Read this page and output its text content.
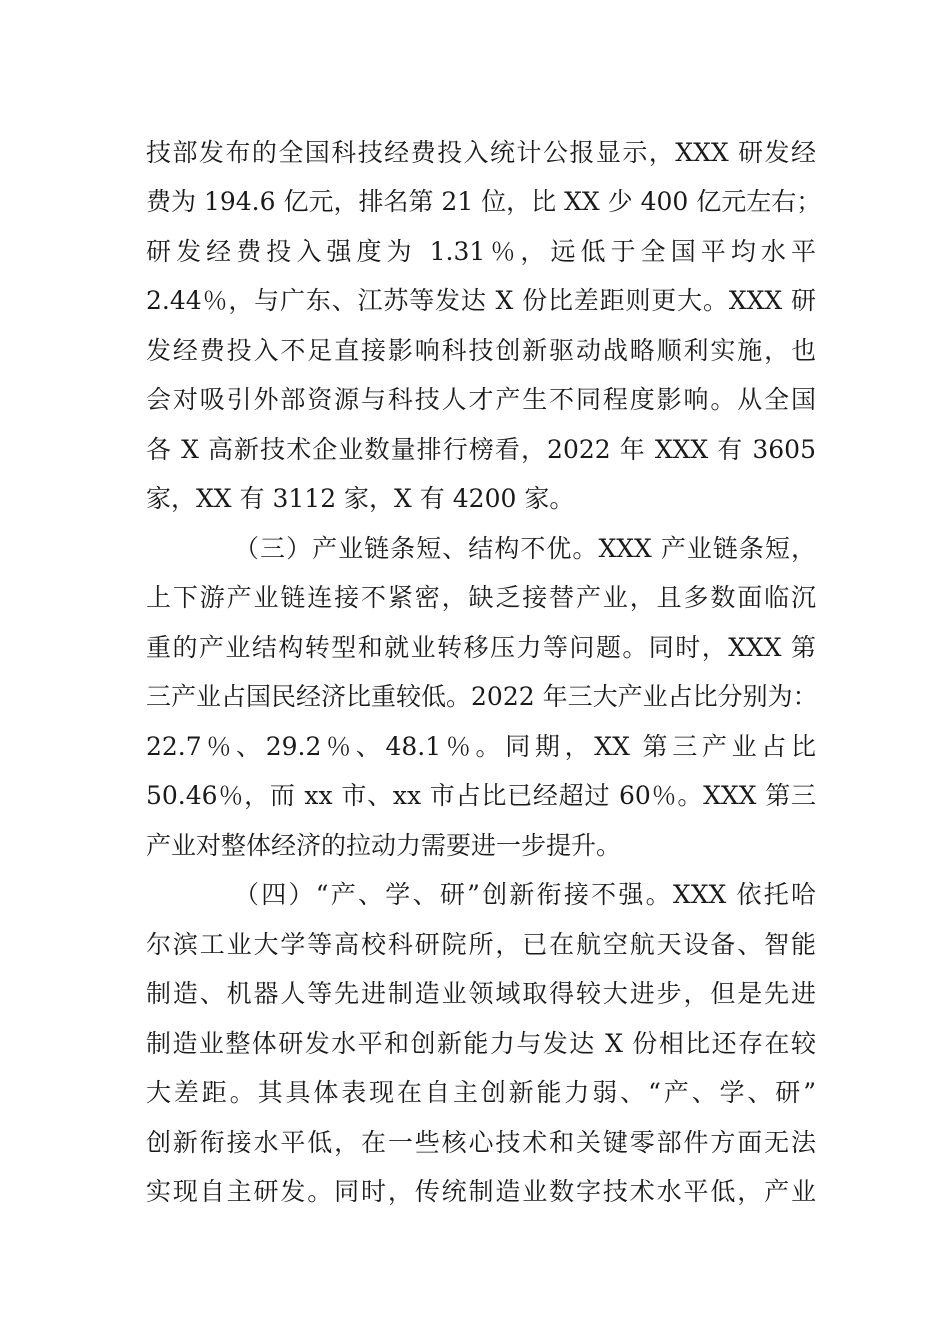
技部发布的全国科技经费投入统计公报显示，XXX 研发经
费为 194.6 亿元，排名第 21 位，比 XX 少 400 亿元左右；
研发经费投入强度为 1.31％，远低于全国平均水平
2.44％，与广东、江苏等发达 X 份比差距则更大。XXX 研
发经费投入不足直接影响科技创新驱动战略顺利实施，也
会对吸引外部资源与科技人才产生不同程度影响。从全国
各 X 高新技术企业数量排行榜看，2022 年 XXX 有 3605
家，XX 有 3112 家，X 有 4200 家。
（三）产业链条短、结构不优。XXX 产业链条短，
上下游产业链连接不紧密，缺乏接替产业，且多数面临沉
重的产业结构转型和就业转移压力等问题。同时，XXX 第
三产业占国民经济比重较低。2022 年三大产业占比分别为：
22.7％、29.2％、48.1％。同期，XX 第三产业占比
50.46％，而 xx 市、xx 市占比已经超过 60％。XXX 第三
产业对整体经济的拉动力需要进一步提升。
（四）“产、学、研”创新衔接不强。XXX 依托哈
尔滨工业大学等高校科研院所，已在航空航天设备、智能
制造、机器人等先进制造业领域取得较大进步，但是先进
制造业整体研发水平和创新能力与发达 X 份相比还存在较
大差距。其具体表现在自主创新能力弱、“产、学、研”
创新衔接水平低，在一些核心技术和关键零部件方面无法
实现自主研发。同时，传统制造业数字技术水平低，产业
